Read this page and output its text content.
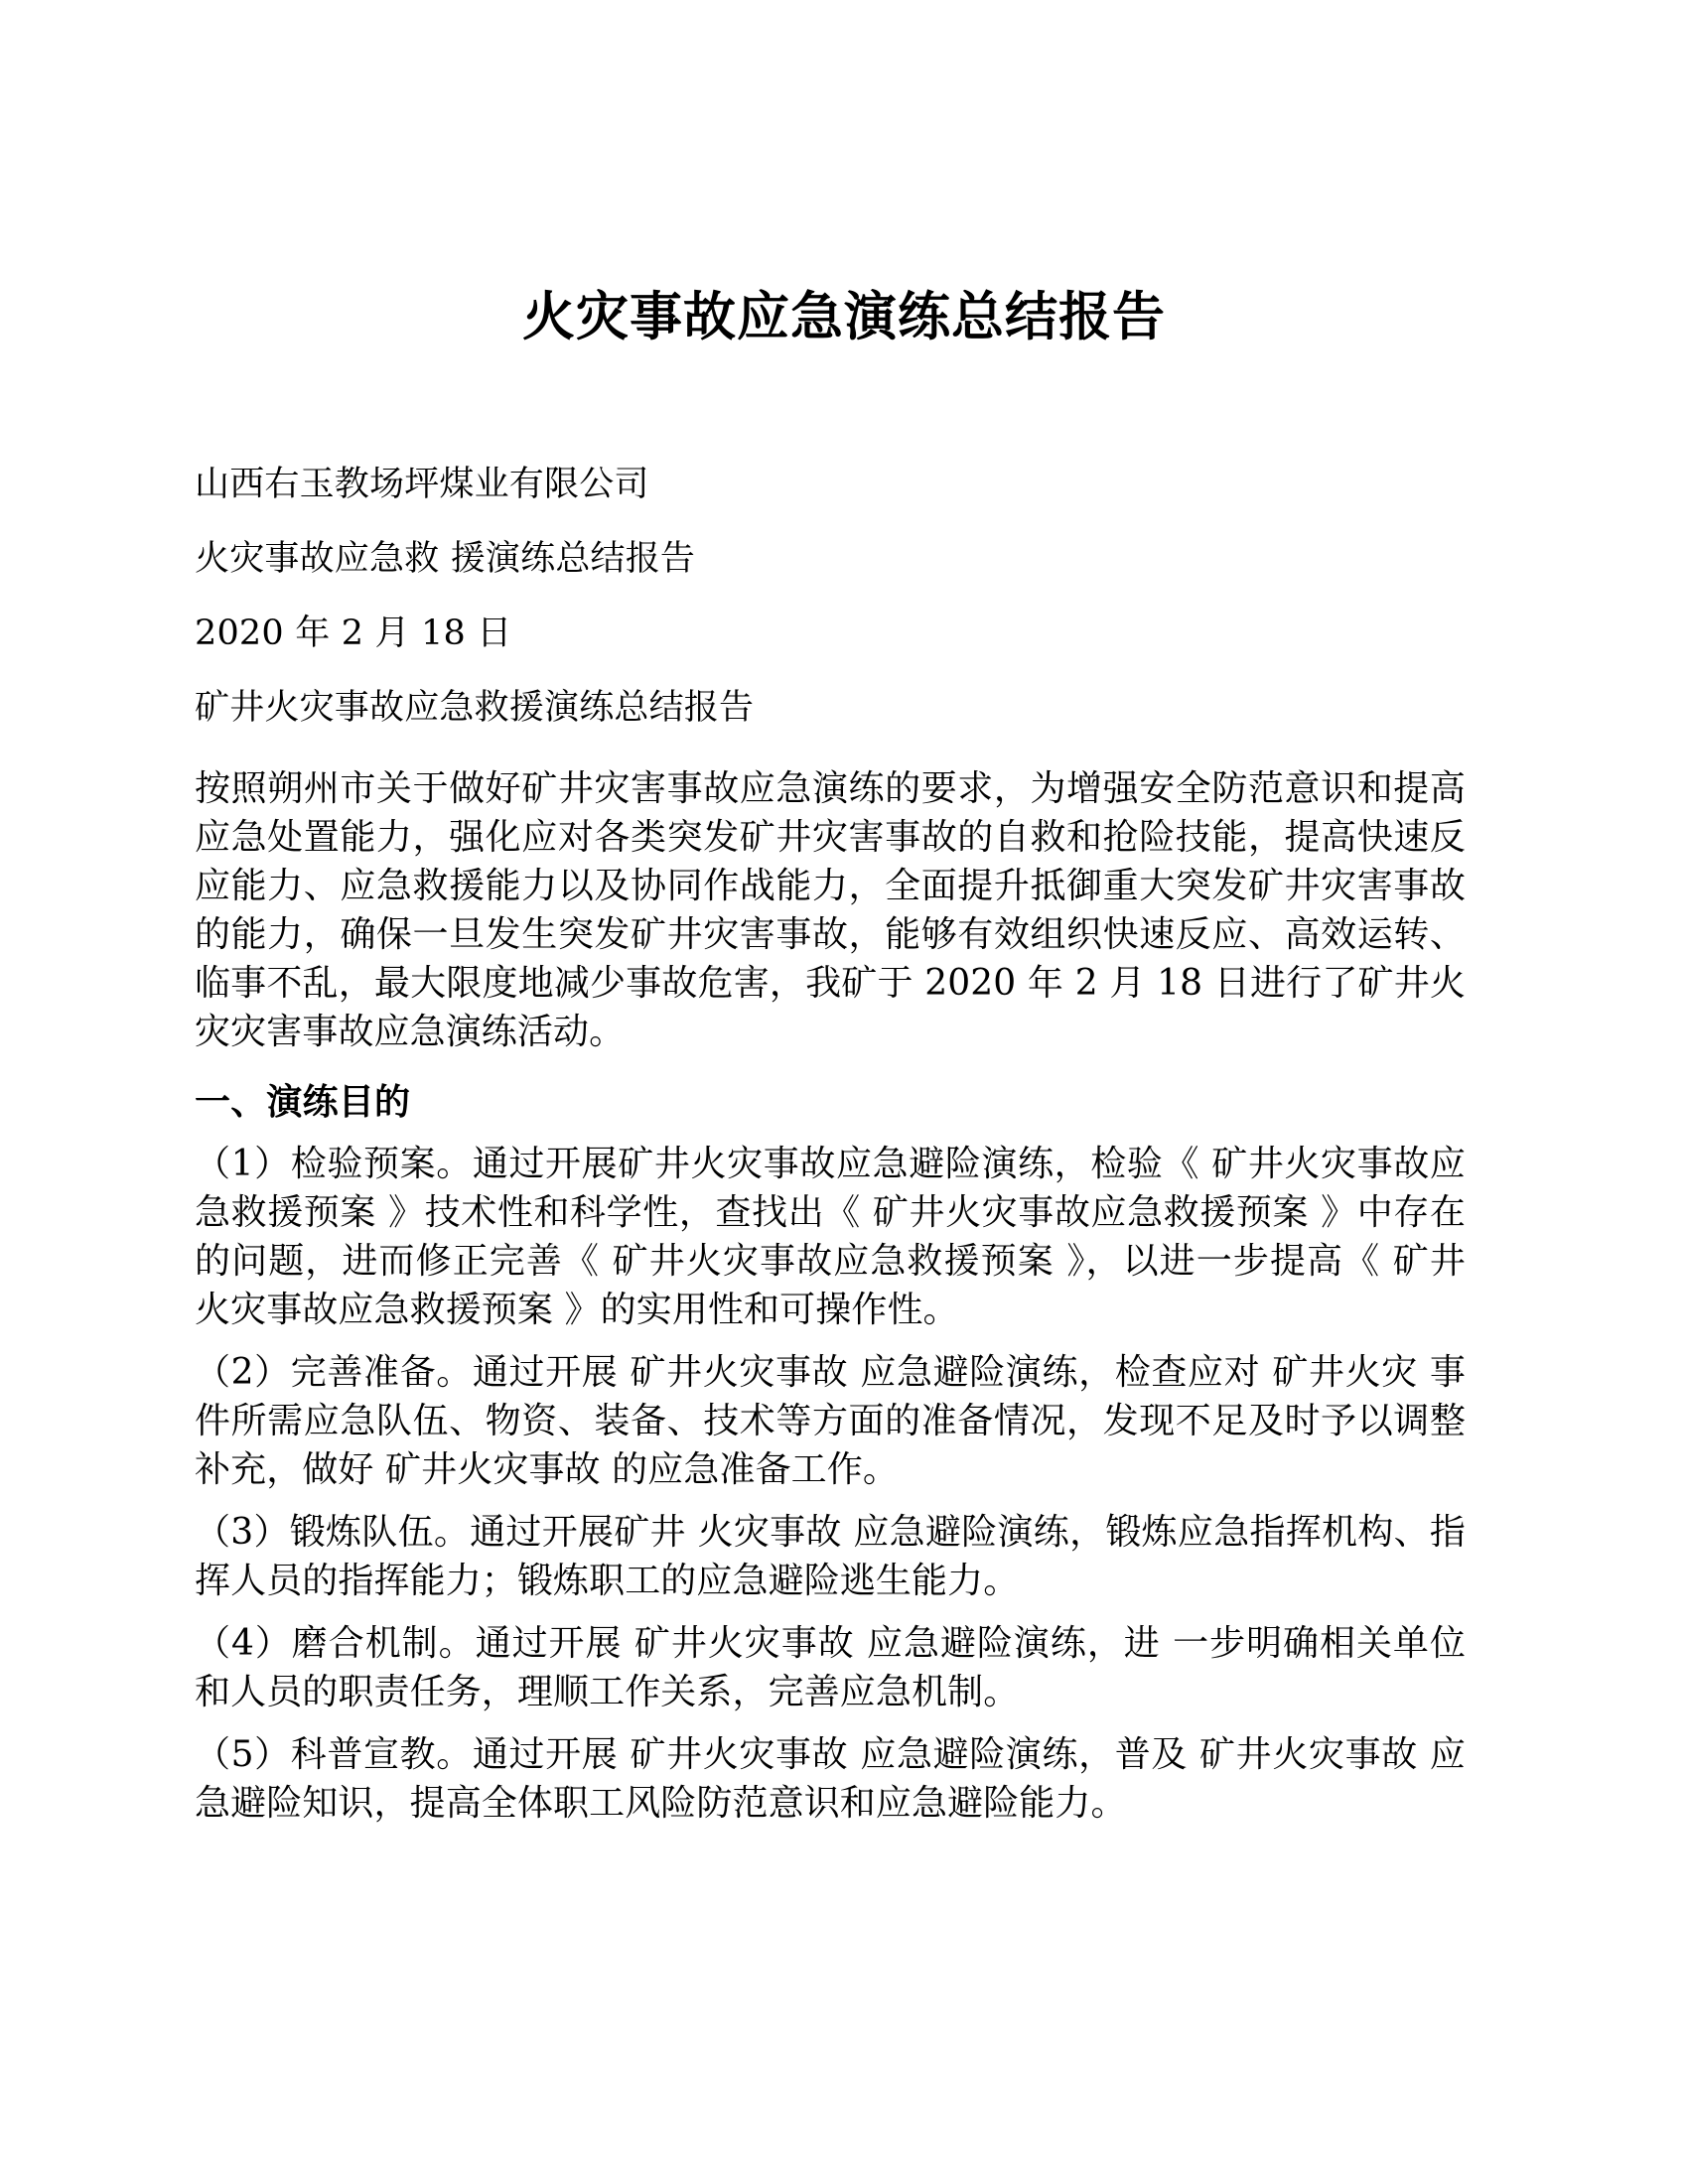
火灾事故应急演练总结报告

山西右玉教场坪煤业有限公司

火灾事故应急救 援演练总结报告

2020 年 2 月 18 日

矿井火灾事故应急救援演练总结报告

按照朔州市关于做好矿井灾害事故应急演练的要求，为增强安全防范意识和提高应急处置能力，强化应对各类突发矿井灾害事故的自救和抢险技能，提高快速反应能力、应急救援能力以及协同作战能力，全面提升抵御重大突发矿井灾害事故的能力，确保一旦发生突发矿井灾害事故，能够有效组织快速反应、高效运转、临事不乱，最大限度地减少事故危害，我矿于 2020 年 2 月 18 日进行了矿井火灾灾害事故应急演练活动。

一、演练目的

（1）检验预案。通过开展矿井火灾事故应急避险演练，检验《 矿井火灾事故应急救援预案 》技术性和科学性，查找出《 矿井火灾事故应急救援预案 》中存在的问题，进而修正完善《 矿井火灾事故应急救援预案 》，以进一步提高《 矿井火灾事故应急救援预案 》的实用性和可操作性。

（2）完善准备。通过开展 矿井火灾事故 应急避险演练，检查应对 矿井火灾 事件所需应急队伍、物资、装备、技术等方面的准备情况，发现不足及时予以调整补充，做好 矿井火灾事故 的应急准备工作。

（3）锻炼队伍。通过开展矿井 火灾事故 应急避险演练，锻炼应急指挥机构、指挥人员的指挥能力；锻炼职工的应急避险逃生能力。

（4）磨合机制。通过开展 矿井火灾事故 应急避险演练，进 一步明确相关单位和人员的职责任务，理顺工作关系，完善应急机制。

（5）科普宣教。通过开展 矿井火灾事故 应急避险演练，普及 矿井火灾事故 应急避险知识，提高全体职工风险防范意识和应急避险能力。
